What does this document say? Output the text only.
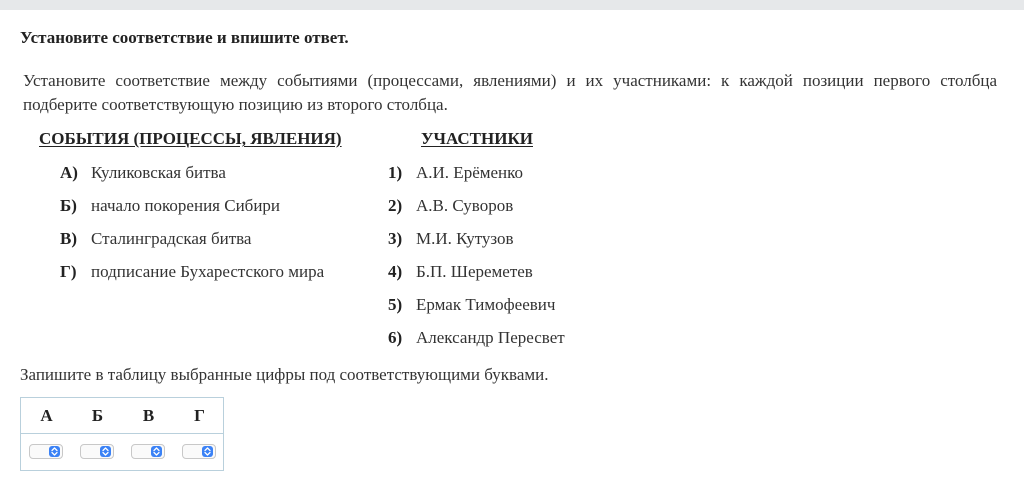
Установите соответствие и впишите ответ.
Установите соответствие между событиями (процессами, явлениями) и их участниками: к каждой позиции первого столбца подберите соответствующую позицию из второго столбца.
СОБЫТИЯ (ПРОЦЕССЫ, ЯВЛЕНИЯ)	УЧАСТНИКИ
А) Куликовская битва
Б) начало покорения Сибири
В) Сталинградская битва
Г) подписание Бухарестского мира
1) А.И. Ерёменко
2) А.В. Суворов
3) М.И. Кутузов
4) Б.П. Шереметев
5) Ермак Тимофеевич
6) Александр Пересвет
Запишите в таблицу выбранные цифры под соответствующими буквами.
А	Б	В	Г
